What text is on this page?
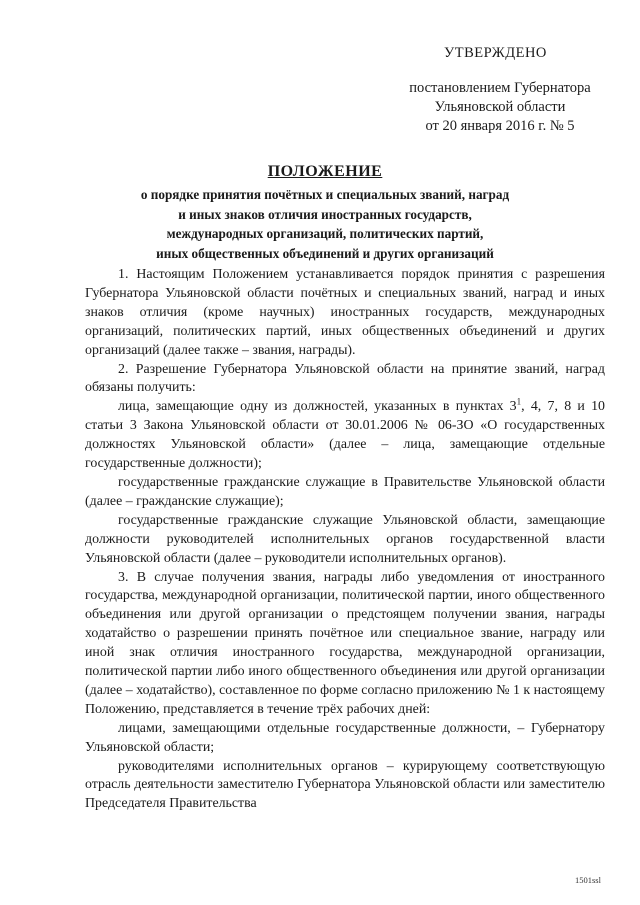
УТВЕРЖДЕНО
постановлением Губернатора
Ульяновской области
от 20 января 2016 г. № 5
ПОЛОЖЕНИЕ
о порядке принятия почётных и специальных званий, наград
и иных знаков отличия иностранных государств,
международных организаций, политических партий,
иных общественных объединений и других организаций

1. Настоящим Положением устанавливается порядок принятия с разрешения Губернатора Ульяновской области почётных и специальных званий, наград и иных знаков отличия (кроме научных) иностранных государств, международных организаций, политических партий, иных общественных объединений и других организаций (далее также – звания, награды).

2. Разрешение Губернатора Ульяновской области на принятие званий, наград обязаны получить:

лица, замещающие одну из должностей, указанных в пунктах $3^1$, 4, 7, 8 и 10 статьи 3 Закона Ульяновской области от 30.01.2006 № 06-ЗО «О государственных должностях Ульяновской области» (далее – лица, замещающие отдельные государственные должности);

государственные гражданские служащие в Правительстве Ульяновской области (далее – гражданские служащие);

государственные гражданские служащие Ульяновской области, замещающие должности руководителей исполнительных органов государственной власти Ульяновской области (далее – руководители исполнительных органов).

3. В случае получения звания, награды либо уведомления от иностранного государства, международной организации, политической партии, иного общественного объединения или другой организации о предстоящем получении звания, награды ходатайство о разрешении принять почётное или специальное звание, награду или иной знак отличия иностранного государства, международной организации, политической партии либо иного общественного объединения или другой организации (далее – ходатайство), составленное по форме согласно приложению № 1 к настоящему Положению, представляется в течение трёх рабочих дней:

лицами, замещающими отдельные государственные должности, – Губернатору Ульяновской области;

руководителями исполнительных органов – курирующему соответствующую отрасль деятельности заместителю Губернатора Ульяновской области или заместителю Председателя Правительства

1501ssl
